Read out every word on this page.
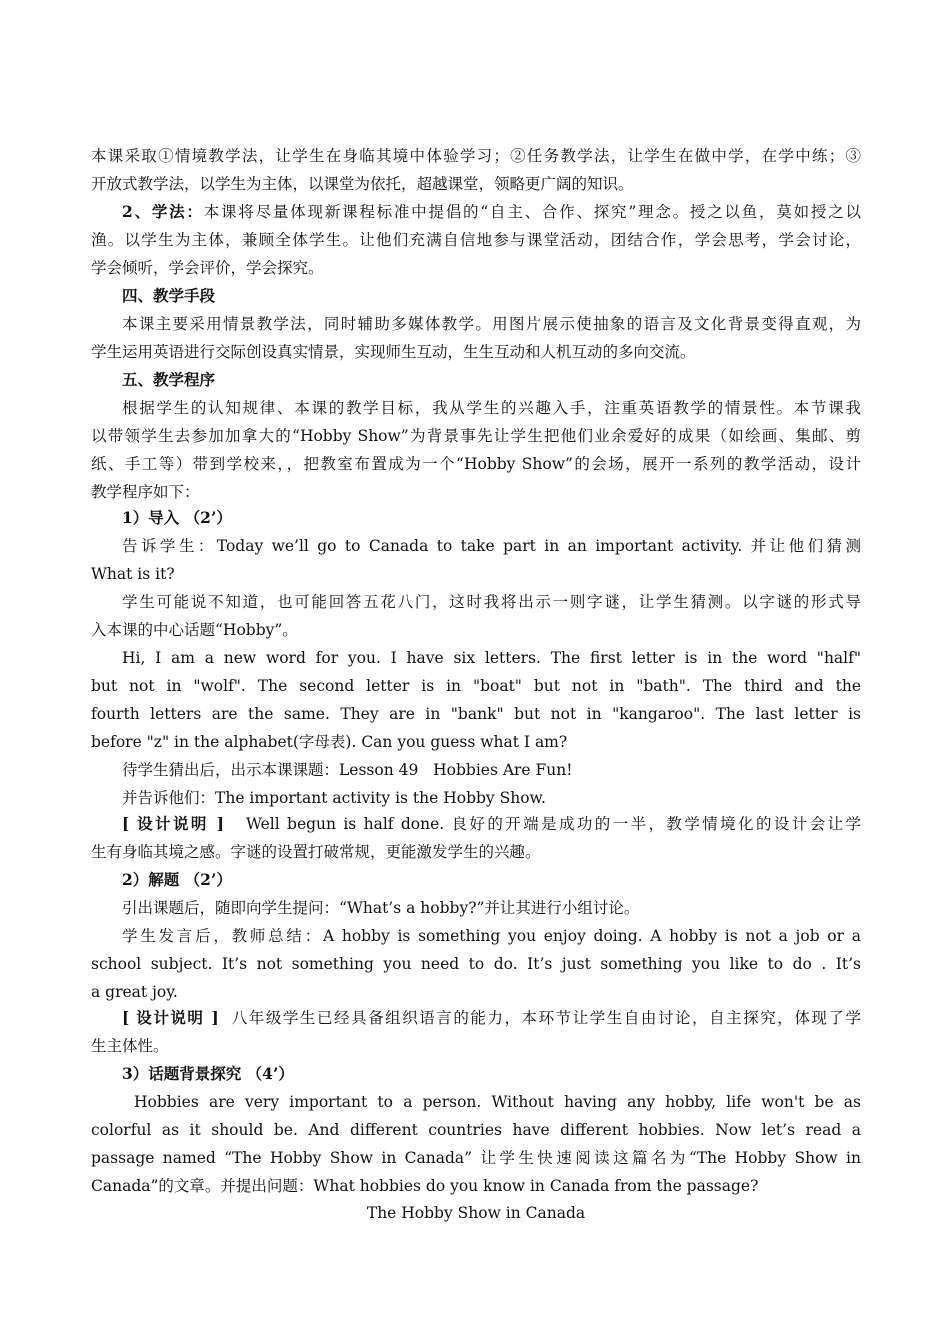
本课采取①情境教学法，让学生在身临其境中体验学习；②任务教学法，让学生在做中学，在学中练；③
开放式教学法，以学生为主体，以课堂为依托，超越课堂，领略更广阔的知识。
2、学法：本课将尽量体现新课程标准中提倡的“自主、合作、探究”理念。授之以鱼，莫如授之以
渔。以学生为主体，兼顾全体学生。让他们充满自信地参与课堂活动，团结合作，学会思考，学会讨论，
学会倾听，学会评价，学会探究。
四、教学手段
本课主要采用情景教学法，同时辅助多媒体教学。用图片展示使抽象的语言及文化背景变得直观，为
学生运用英语进行交际创设真实情景，实现师生互动，生生互动和人机互动的多向交流。
五、教学程序
根据学生的认知规律、本课的教学目标，我从学生的兴趣入手，注重英语教学的情景性。本节课我
以带领学生去参加加拿大的“Hobby Show”为背景事先让学生把他们业余爱好的成果（如绘画、集邮、剪
纸、手工等）带到学校来，，把教室布置成为一个“Hobby Show”的会场，展开一系列的教学活动，设计
教学程序如下：
1）导入 （2’）
告诉学生：Today we’ll go to Canada to take part in an important activity. 并让他们猜测
What is it?
学生可能说不知道，也可能回答五花八门，这时我将出示一则字谜，让学生猜测。以字谜的形式导
入本课的中心话题“Hobby”。
Hi, I am a new word for you. I have six letters. The first letter is in the word "half"
but not in "wolf". The second letter is in "boat" but not in "bath". The third and the
fourth letters are the same. They are in "bank" but not in "kangaroo". The last letter is
before "z" in the alphabet(字母表). Can you guess what I am?
待学生猜出后，出示本课课题：Lesson 49   Hobbies Are Fun!
并告诉他们：The important activity is the Hobby Show.
[ 设计说明 ] Well begun is half done. 良好的开端是成功的一半，教学情境化的设计会让学
生有身临其境之感。字谜的设置打破常规，更能激发学生的兴趣。
2）解题 （2’）
引出课题后，随即向学生提问：“What’s a hobby?”并让其进行小组讨论。
学生发言后，教师总结：A hobby is something you enjoy doing. A hobby is not a job or a
school subject. It’s not something you need to do. It’s just something you like to do . It’s
a great joy.
[ 设计说明 ] 八年级学生已经具备组织语言的能力，本环节让学生自由讨论，自主探究，体现了学
生主体性。
3）话题背景探究 （4’）
Hobbies are very important to a person. Without having any hobby, life won't be as
colorful as it should be. And different countries have different hobbies. Now let’s read a
passage named “The Hobby Show in Canada” 让学生快速阅读这篇名为“The Hobby Show in
Canada”的文章。并提出问题：What hobbies do you know in Canada from the passage?
The Hobby Show in Canada
